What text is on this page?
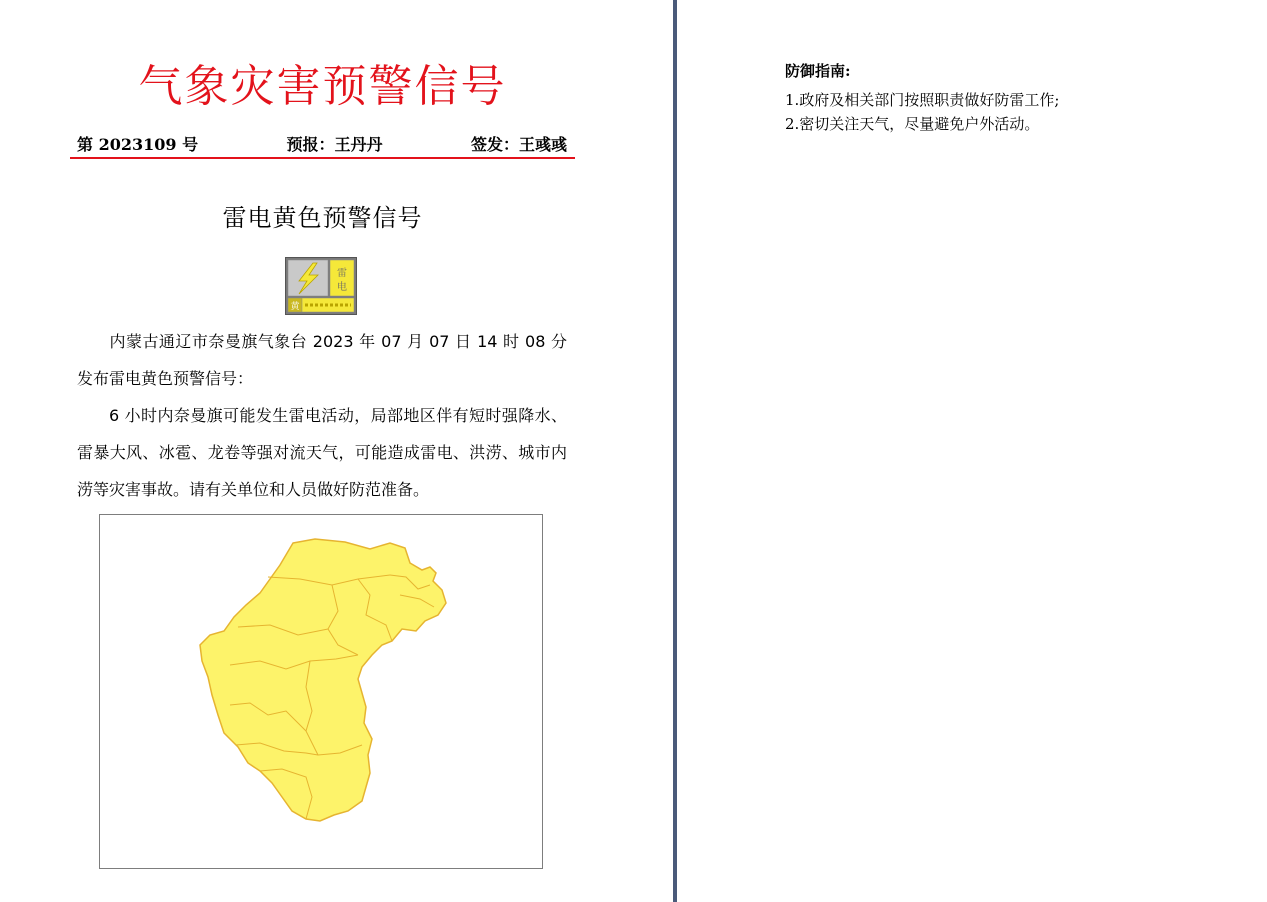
气象灾害预警信号
第 2023109 号	预报：王丹丹	签发：王彧彧
雷电黄色预警信号
雷
电
黄
内蒙古通辽市奈曼旗气象台 2023 年 07 月 07 日 14 时 08 分发布雷电黄色预警信号：
6 小时内奈曼旗可能发生雷电活动，局部地区伴有短时强降水、雷暴大风、冰雹、龙卷等强对流天气，可能造成雷电、洪涝、城市内涝等灾害事故。请有关单位和人员做好防范准备。
防御指南:
1.政府及相关部门按照职责做好防雷工作;
2.密切关注天气，尽量避免户外活动。
